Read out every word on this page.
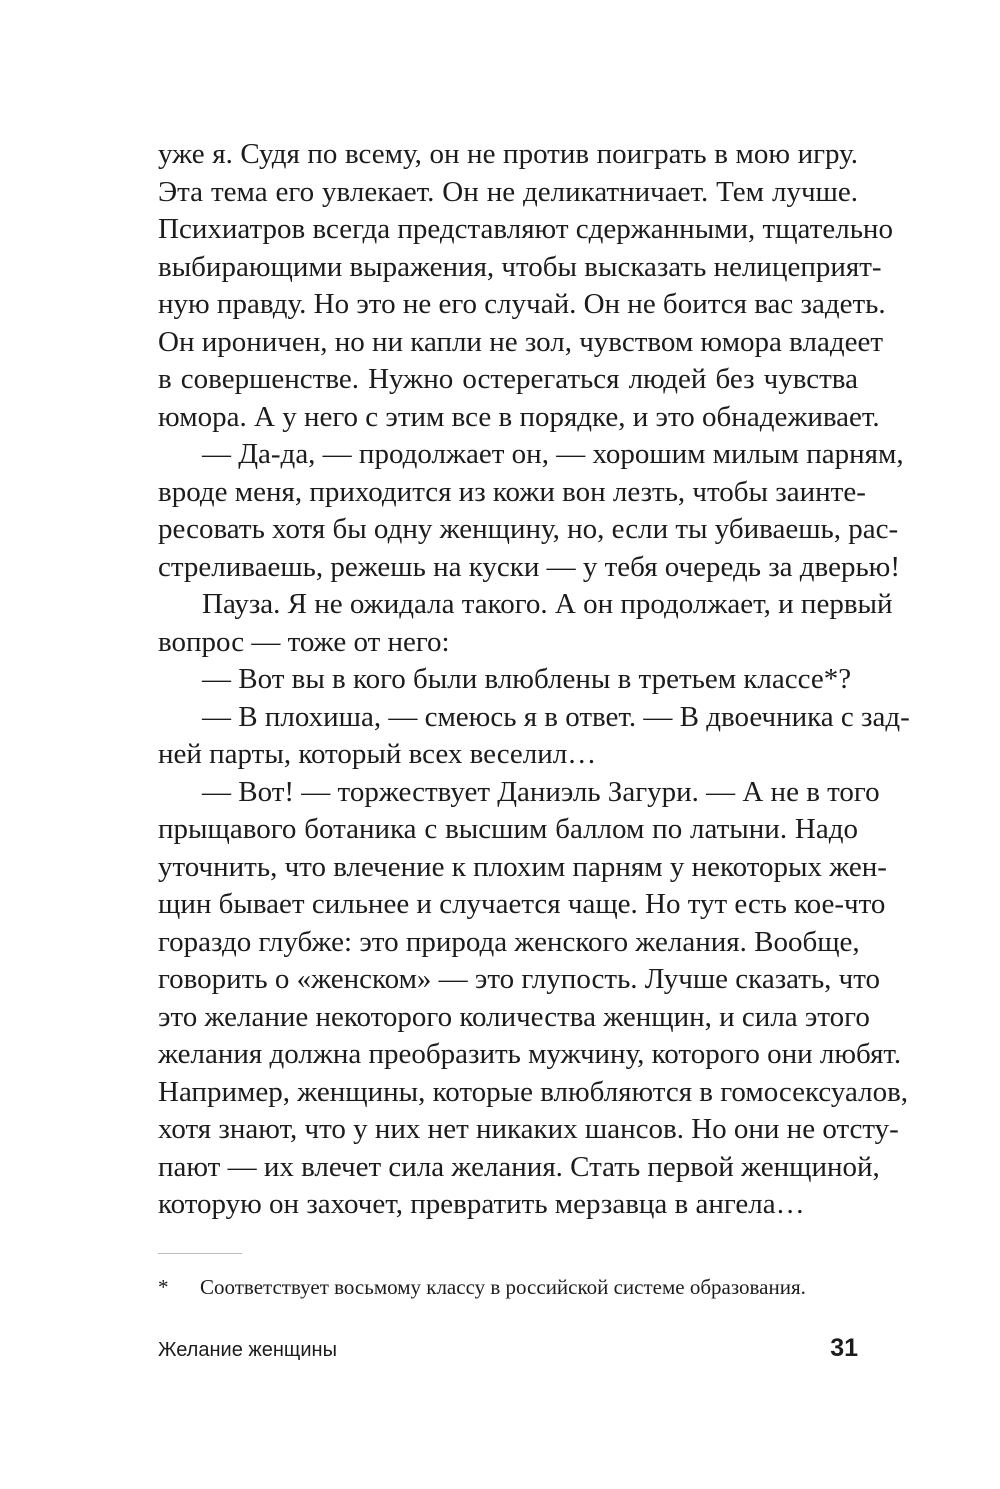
уже я. Судя по всему, он не против поиграть в мою игру.
Эта тема его увлекает. Он не деликатничает. Тем лучше.
Психиатров всегда представляют сдержанными, тщательно
выбирающими выражения, чтобы высказать нелицеприят-
ную правду. Но это не его случай. Он не боится вас задеть.
Он ироничен, но ни капли не зол, чувством юмора владеет
в совершенстве. Нужно остерегаться людей без чувства
юмора. А у него с этим все в порядке, и это обнадеживает.
— Да-да, — продолжает он, — хорошим милым парням,
вроде меня, приходится из кожи вон лезть, чтобы заинте-
ресовать хотя бы одну женщину, но, если ты убиваешь, рас-
стреливаешь, режешь на куски — у тебя очередь за дверью!
Пауза. Я не ожидала такого. А он продолжает, и первый
вопрос — тоже от него:
— Вот вы в кого были влюблены в третьем классе*?
— В плохиша, — смеюсь я в ответ. — В двоечника с зад-
ней парты, который всех веселил…
— Вот! — торжествует Даниэль Загури. — А не в того
прыщавого ботаника с высшим баллом по латыни. Надо
уточнить, что влечение к плохим парням у некоторых жен-
щин бывает сильнее и случается чаще. Но тут есть кое-что
гораздо глубже: это природа женского желания. Вообще,
говорить о «женском» — это глупость. Лучше сказать, что
это желание некоторого количества женщин, и сила этого
желания должна преобразить мужчину, которого они любят.
Например, женщины, которые влюбляются в гомосексуалов,
хотя знают, что у них нет никаких шансов. Но они не отсту-
пают — их влечет сила желания. Стать первой женщиной,
которую он захочет, превратить мерзавца в ангела…
* Соответствует восьмому классу в российской системе образования.
Желание женщины	31
